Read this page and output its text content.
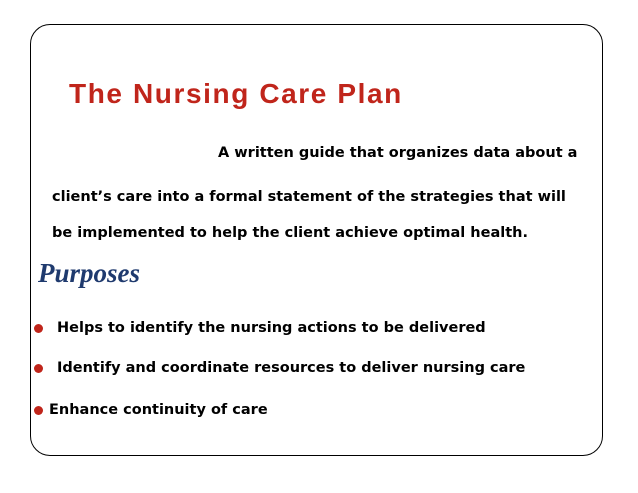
The Nursing Care Plan
A written guide that organizes data about a
client’s care into a formal statement of the strategies that will
be implemented to help the client achieve optimal health.
Purposes
Helps to identify the nursing actions to be delivered
Identify and coordinate resources to deliver nursing care
Enhance continuity of care
